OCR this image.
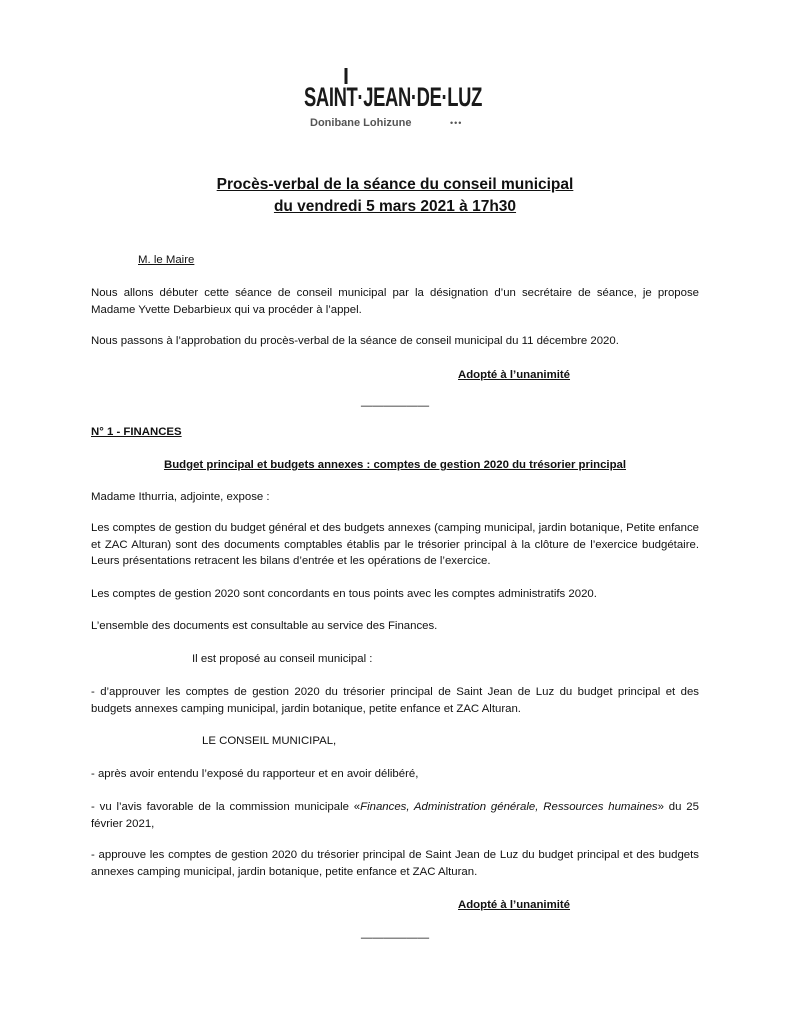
SAINT·JEAN·DE·LUZ
Donibane Lohizune	•••
Procès-verbal de la séance du conseil municipal
du vendredi 5 mars 2021 à 17h30

M. le Maire

Nous allons débuter cette séance de conseil municipal par la désignation d’un secrétaire de séance, je propose Madame Yvette Debarbieux qui va procéder à l’appel.

Nous passons à l’approbation du procès-verbal de la séance de conseil municipal du 11 décembre 2020.

Adopté à l’unanimité
——————

N° 1 - FINANCES

Budget principal et budgets annexes : comptes de gestion 2020 du trésorier principal

Madame Ithurria, adjointe, expose :

Les comptes de gestion du budget général et des budgets annexes (camping municipal, jardin botanique, Petite enfance et ZAC Alturan) sont des documents comptables établis par le trésorier principal à la clôture de l’exercice budgétaire. Leurs présentations retracent les bilans d’entrée et les opérations de l’exercice.

Les comptes de gestion 2020 sont concordants en tous points avec les comptes administratifs 2020.

L’ensemble des documents est consultable au service des Finances.

Il est proposé au conseil municipal :

- d’approuver les comptes de gestion 2020 du trésorier principal de Saint Jean de Luz du budget principal et des budgets annexes camping municipal, jardin botanique, petite enfance et ZAC Alturan.

LE CONSEIL MUNICIPAL,

- après avoir entendu l’exposé du rapporteur et en avoir délibéré,

- vu l’avis favorable de la commission municipale «Finances, Administration générale, Ressources humaines» du 25 février 2021,

- approuve les comptes de gestion 2020 du trésorier principal de Saint Jean de Luz du budget principal et des budgets annexes camping municipal, jardin botanique, petite enfance et ZAC Alturan.

Adopté à l’unanimité
——————
